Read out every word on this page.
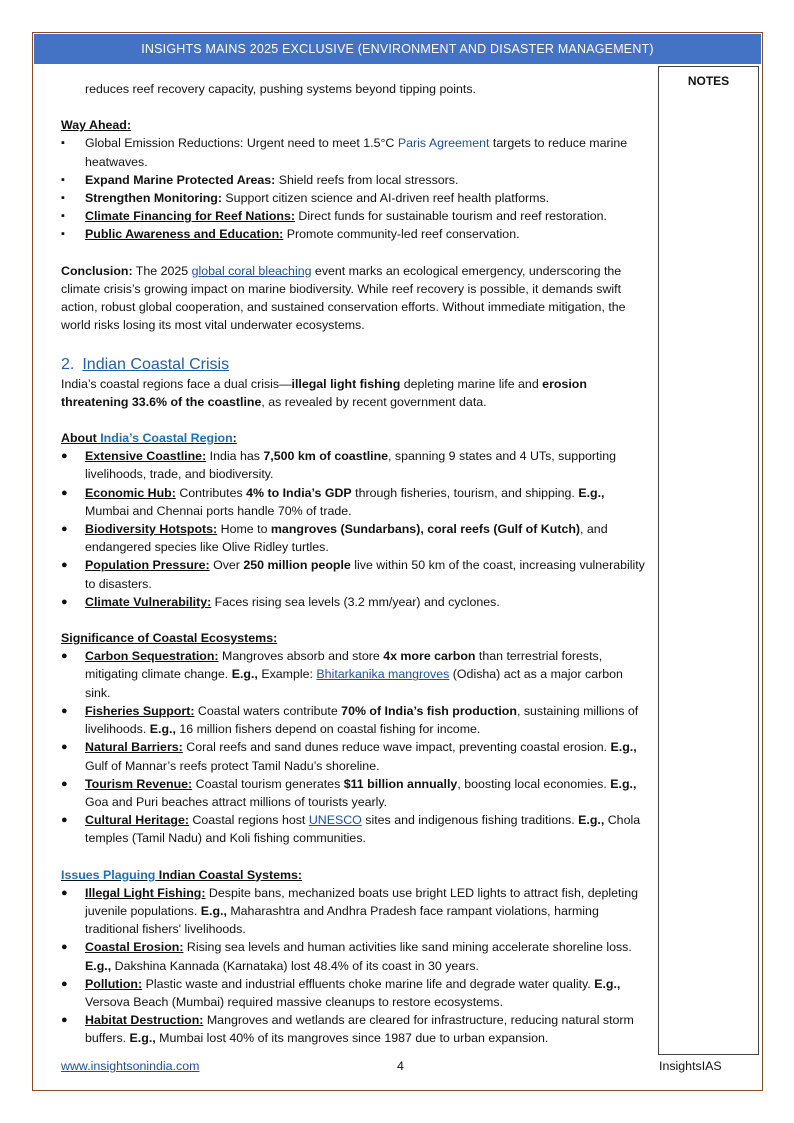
INSIGHTS MAINS 2025 EXCLUSIVE (ENVIRONMENT AND DISASTER MANAGEMENT)
NOTES

reduces reef recovery capacity, pushing systems beyond tipping points.

Way Ahead:
▪	Global Emission Reductions: Urgent need to meet 1.5°C Paris Agreement targets to reduce marine heatwaves.
▪	Expand Marine Protected Areas: Shield reefs from local stressors.
▪	Strengthen Monitoring: Support citizen science and AI-driven reef health platforms.
▪	Climate Financing for Reef Nations: Direct funds for sustainable tourism and reef restoration.
▪	Public Awareness and Education: Promote community-led reef conservation.

Conclusion: The 2025 global coral bleaching event marks an ecological emergency, underscoring the climate crisis’s growing impact on marine biodiversity. While reef recovery is possible, it demands swift action, robust global cooperation, and sustained conservation efforts. Without immediate mitigation, the world risks losing its most vital underwater ecosystems.

2. Indian Coastal Crisis

India’s coastal regions face a dual crisis—illegal light fishing depleting marine life and erosion threatening 33.6% of the coastline, as revealed by recent government data.

About India’s Coastal Region:
● Extensive Coastline: India has 7,500 km of coastline, spanning 9 states and 4 UTs, supporting livelihoods, trade, and biodiversity.
● Economic Hub: Contributes 4% to India’s GDP through fisheries, tourism, and shipping. E.g., Mumbai and Chennai ports handle 70% of trade.
● Biodiversity Hotspots: Home to mangroves (Sundarbans), coral reefs (Gulf of Kutch), and endangered species like Olive Ridley turtles.
● Population Pressure: Over 250 million people live within 50 km of the coast, increasing vulnerability to disasters.
● Climate Vulnerability: Faces rising sea levels (3.2 mm/year) and cyclones.
Significance of Coastal Ecosystems:
● Carbon Sequestration: Mangroves absorb and store 4x more carbon than terrestrial forests, mitigating climate change. E.g., Example: Bhitarkanika mangroves (Odisha) act as a major carbon sink.
● Fisheries Support: Coastal waters contribute 70% of India’s fish production, sustaining millions of livelihoods. E.g., 16 million fishers depend on coastal fishing for income.
● Natural Barriers: Coral reefs and sand dunes reduce wave impact, preventing coastal erosion. E.g., Gulf of Mannar’s reefs protect Tamil Nadu’s shoreline.
● Tourism Revenue: Coastal tourism generates $11 billion annually, boosting local economies. E.g., Goa and Puri beaches attract millions of tourists yearly.
● Cultural Heritage: Coastal regions host UNESCO sites and indigenous fishing traditions. E.g., Chola temples (Tamil Nadu) and Koli fishing communities.
Issues Plaguing Indian Coastal Systems:
● Illegal Light Fishing: Despite bans, mechanized boats use bright LED lights to attract fish, depleting juvenile populations. E.g., Maharashtra and Andhra Pradesh face rampant violations, harming traditional fishers' livelihoods.
● Coastal Erosion: Rising sea levels and human activities like sand mining accelerate shoreline loss. E.g., Dakshina Kannada (Karnataka) lost 48.4% of its coast in 30 years.
● Pollution: Plastic waste and industrial effluents choke marine life and degrade water quality. E.g., Versova Beach (Mumbai) required massive cleanups to restore ecosystems.
● Habitat Destruction: Mangroves and wetlands are cleared for infrastructure, reducing natural storm buffers. E.g., Mumbai lost 40% of its mangroves since 1987 due to urban expansion.
www.insightsonindia.com	4	InsightsIAS
